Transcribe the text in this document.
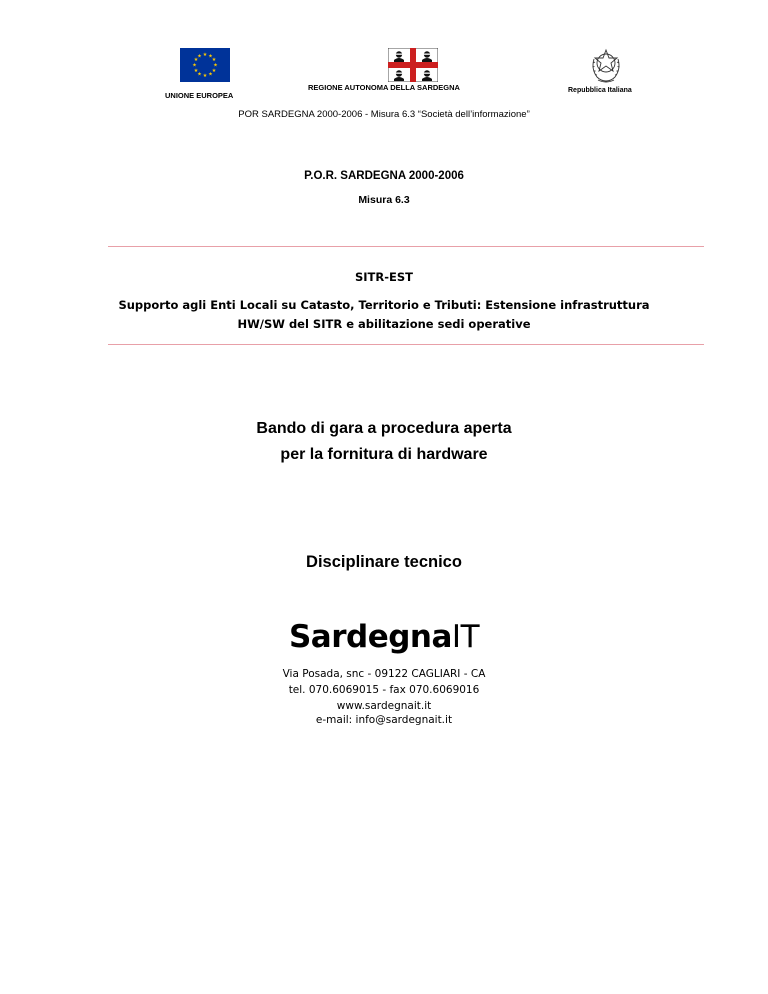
★ ★
★
★
★
★
★
★
★
★
★
★
UNIONE EUROPEA
REGIONE AUTONOMA DELLA SARDEGNA	Repubblica Italiana
POR SARDEGNA 2000-2006 - Misura 6.3 “Società dell’informazione”
P.O.R. SARDEGNA 2000-2006
Misura 6.3
SITR-EST
Supporto agli Enti Locali su Catasto, Territorio e Tributi: Estensione infrastruttura HW/SW del SITR e abilitazione sedi operative
Bando di gara a procedura aperta
per la fornitura di hardware
Disciplinare tecnico
SardegnaIT
Via Posada, snc - 09122 CAGLIARI - CA
tel. 070.6069015 - fax 070.6069016
www.sardegnait.it
e-mail: info@sardegnait.it
